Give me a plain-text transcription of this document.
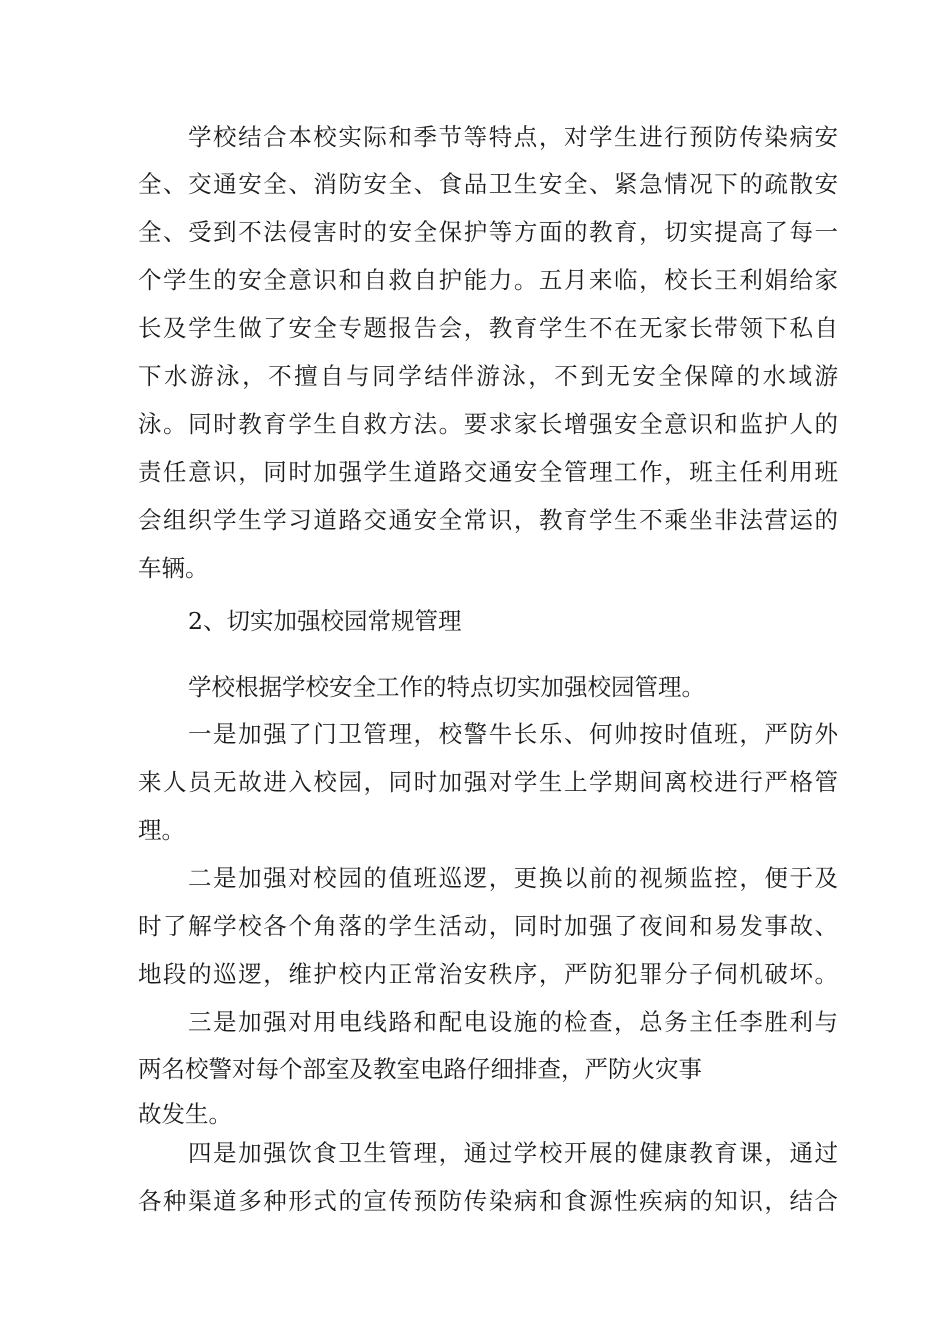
学校结合本校实际和季节等特点，对学生进行预防传染病安
全、交通安全、消防安全、食品卫生安全、紧急情况下的疏散安
全、受到不法侵害时的安全保护等方面的教育，切实提高了每一
个学生的安全意识和自救自护能力。五月来临，校长王利娟给家
长及学生做了安全专题报告会，教育学生不在无家长带领下私自
下水游泳，不擅自与同学结伴游泳，不到无安全保障的水域游
泳。同时教育学生自救方法。要求家长增强安全意识和监护人的
责任意识，同时加强学生道路交通安全管理工作，班主任利用班
会组织学生学习道路交通安全常识，教育学生不乘坐非法营运的
车辆。
2、切实加强校园常规管理
学校根据学校安全工作的特点切实加强校园管理。
一是加强了门卫管理，校警牛长乐、何帅按时值班，严防外
来人员无故进入校园，同时加强对学生上学期间离校进行严格管
理。
二是加强对校园的值班巡逻，更换以前的视频监控，便于及
时了解学校各个角落的学生活动，同时加强了夜间和易发事故、
地段的巡逻，维护校内正常治安秩序，严防犯罪分子伺机破坏。
三是加强对用电线路和配电设施的检查，总务主任李胜利与
两名校警对每个部室及教室电路仔细排查，严防火灾事
故发生。
四是加强饮食卫生管理，通过学校开展的健康教育课，通过
各种渠道多种形式的宣传预防传染病和食源性疾病的知识，结合
